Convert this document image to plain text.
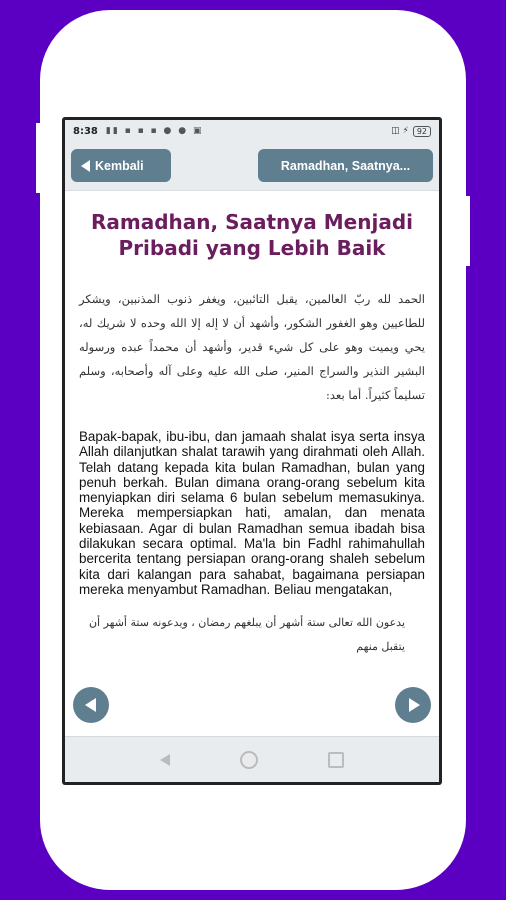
8:38 ▮▮ ▪ ▪ ▪ ● ● ▣	◫ ⚡	92
Kembali	Ramadhan, Saatnya...
Ramadhan, Saatnya Menjadi Pribadi yang Lebih Baik
الحمد لله ربّ العالمين، يقبل التائبين، ويغفر ذنوب المذنبين، ويشكر للطاعيين وهو الغفور الشكور، وأشهد أن لا إله إلا الله وحده لا شريك له، يحي ويميت وهو على كل شيء قدير، وأشهد أن محمداً عبده ورسوله البشير النذير والسراج المنير، صلى الله عليه وعلى آله وأصحابه، وسلم تسليماً كثيراً. أما بعد:
Bapak-bapak, ibu-ibu, dan jamaah shalat isya serta insya Allah dilanjutkan shalat tarawih yang dirahmati oleh Allah. Telah datang kepada kita bulan Ramadhan, bulan yang penuh berkah. Bulan dimana orang-orang sebelum kita menyiapkan diri selama 6 bulan sebelum memasukinya. Mereka mempersiapkan hati, amalan, dan menata kebiasaan. Agar di bulan Ramadhan semua ibadah bisa dilakukan secara optimal. Ma'la bin Fadhl rahimahullah bercerita tentang persiapan orang-orang shaleh sebelum kita dari kalangan para sahabat, bagaimana persiapan mereka menyambut Ramadhan. Beliau mengatakan,
يدعون الله تعالى ستة أشهر أن يبلغهم رمضان ، ويدعونه ستة أشهر أن يتقبل منهم
